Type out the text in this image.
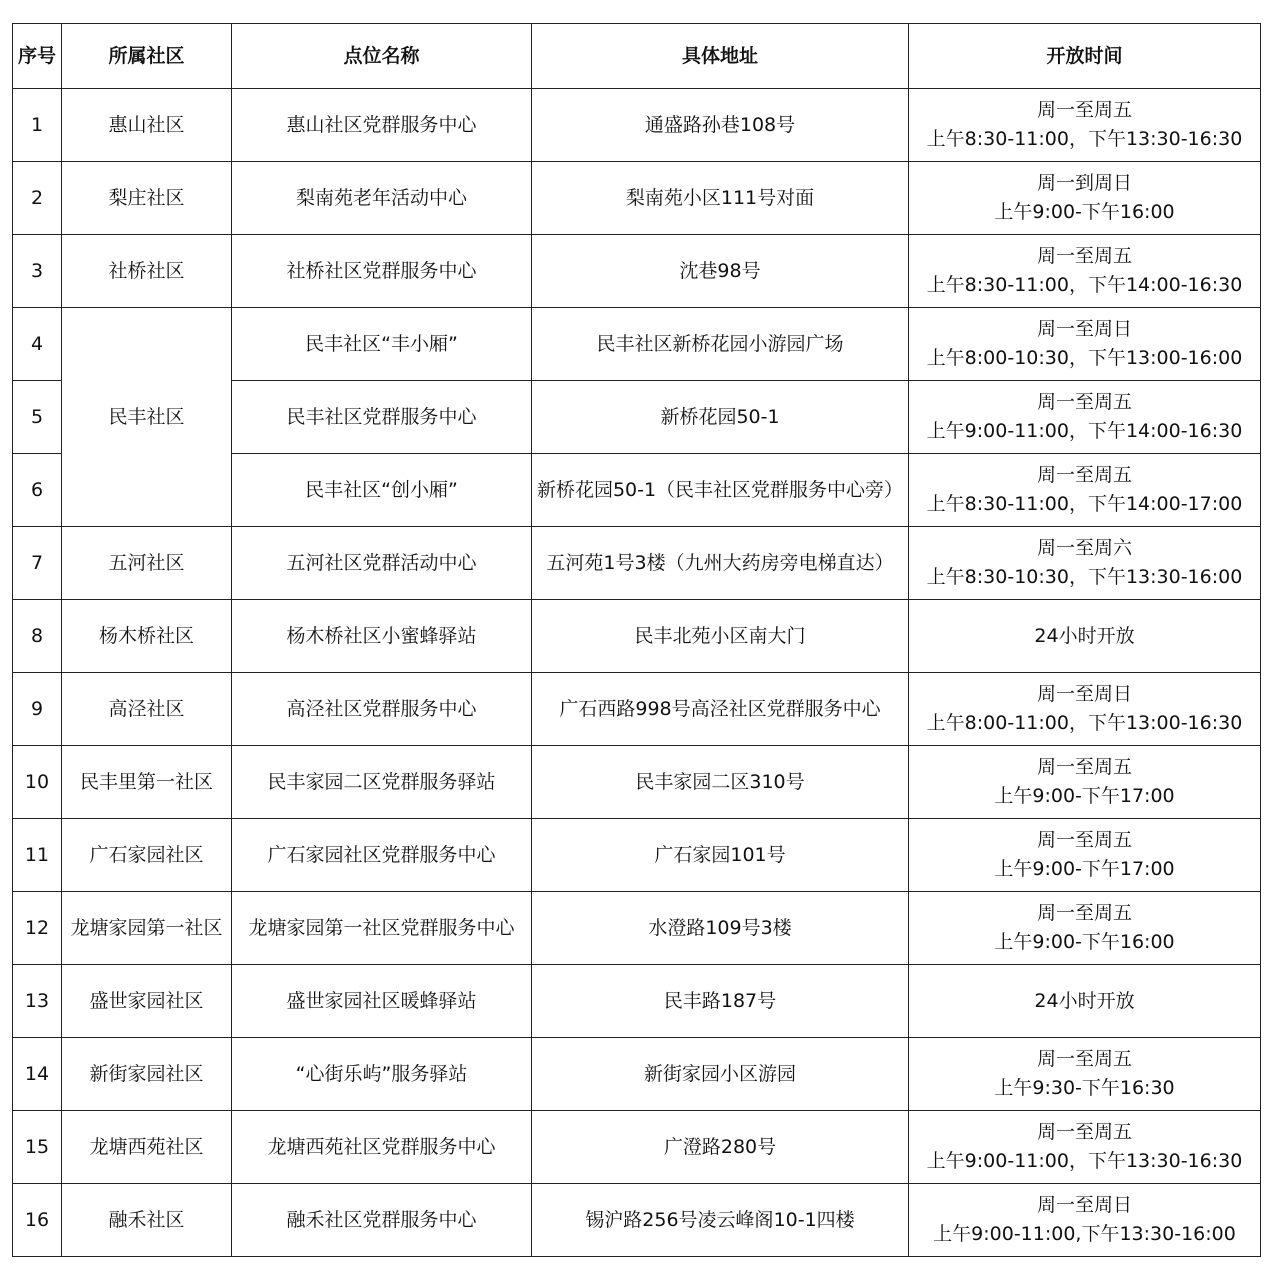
序号	所属社区	点位名称	具体地址	开放时间
1	惠山社区	惠山社区党群服务中心	通盛路孙巷108号	周一至周五
上午8:30-11:00，下午13:30-16:30

2	梨庄社区	梨南苑老年活动中心	梨南苑小区111号对面	周一到周日
上午9:00-下午16:00

3	社桥社区	社桥社区党群服务中心	沈巷98号	周一至周五
上午8:30-11:00，下午14:00-16:30

4	民丰社区	民丰社区“丰小厢”	民丰社区新桥花园小游园广场	周一至周日
上午8:00-10:30，下午13:00-16:00

5		民丰社区党群服务中心	新桥花园50-1	周一至周五
上午9:00-11:00，下午14:00-16:30

6		民丰社区“创小厢”	新桥花园50-1（民丰社区党群服务中心旁）	周一至周五
上午8:30-11:00，下午14:00-17:00

7	五河社区	五河社区党群活动中心	五河苑1号3楼（九州大药房旁电梯直达）	周一至周六
上午8:30-10:30，下午13:30-16:00

8	杨木桥社区	杨木桥社区小蜜蜂驿站	民丰北苑小区南大门	24小时开放

9	高泾社区	高泾社区党群服务中心	广石西路998号高泾社区党群服务中心	周一至周日
上午8:00-11:00，下午13:00-16:30

10	民丰里第一社区	民丰家园二区党群服务驿站	民丰家园二区310号	周一至周五
上午9:00-下午17:00

11	广石家园社区	广石家园社区党群服务中心	广石家园101号	周一至周五
上午9:00-下午17:00

12	龙塘家园第一社区	龙塘家园第一社区党群服务中心	水澄路109号3楼	周一至周五
上午9:00-下午16:00

13	盛世家园社区	盛世家园社区暖蜂驿站	民丰路187号	24小时开放

14	新街家园社区	“心街乐屿”服务驿站	新街家园小区游园	周一至周五
上午9:30-下午16:30

15	龙塘西苑社区	龙塘西苑社区党群服务中心	广澄路280号	周一至周五
上午9:00-11:00，下午13:30-16:30

16	融禾社区	融禾社区党群服务中心	锡沪路256号凌云峰阁10-1四楼	周一至周日
上午9:00-11:00,下午13:30-16:00
